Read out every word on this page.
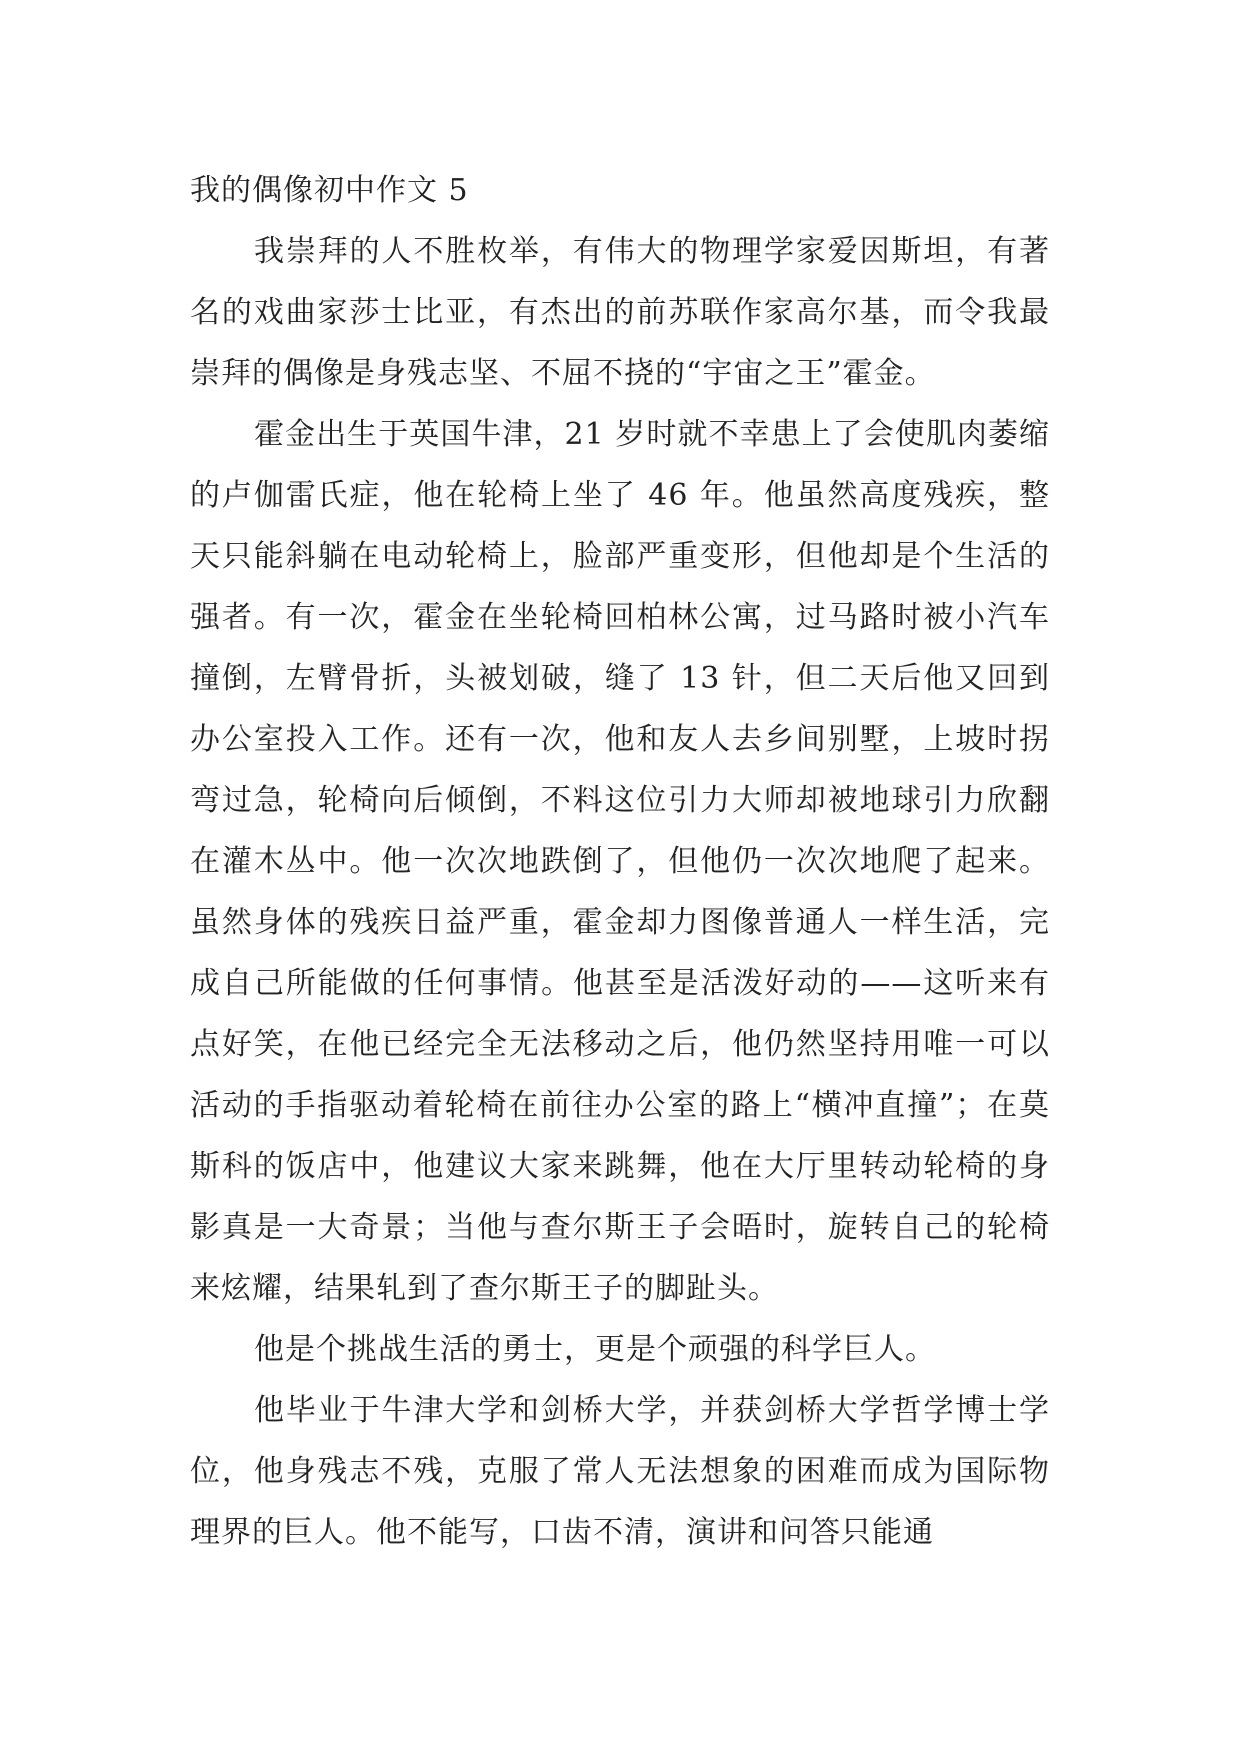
我的偶像初中作文 5

我崇拜的人不胜枚举，有伟大的物理学家爱因斯坦，有著名的戏曲家莎士比亚，有杰出的前苏联作家高尔基，而令我最崇拜的偶像是身残志坚、不屈不挠的“宇宙之王”霍金。

霍金出生于英国牛津，21 岁时就不幸患上了会使肌肉萎缩的卢伽雷氏症，他在轮椅上坐了 46 年。他虽然高度残疾，整天只能斜躺在电动轮椅上，脸部严重变形，但他却是个生活的强者。有一次，霍金在坐轮椅回柏林公寓，过马路时被小汽车撞倒，左臂骨折，头被划破，缝了 13 针，但二天后他又回到办公室投入工作。还有一次，他和友人去乡间别墅，上坡时拐弯过急，轮椅向后倾倒，不料这位引力大师却被地球引力欣翻在灌木丛中。他一次次地跌倒了，但他仍一次次地爬了起来。虽然身体的残疾日益严重，霍金却力图像普通人一样生活，完成自己所能做的任何事情。他甚至是活泼好动的——这听来有点好笑，在他已经完全无法移动之后，他仍然坚持用唯一可以活动的手指驱动着轮椅在前往办公室的路上“横冲直撞”；在莫斯科的饭店中，他建议大家来跳舞，他在大厅里转动轮椅的身影真是一大奇景；当他与查尔斯王子会晤时，旋转自己的轮椅来炫耀，结果轧到了查尔斯王子的脚趾头。

他是个挑战生活的勇士，更是个顽强的科学巨人。

他毕业于牛津大学和剑桥大学，并获剑桥大学哲学博士学位，他身残志不残，克服了常人无法想象的困难而成为国际物理界的巨人。他不能写，口齿不清，演讲和问答只能通
